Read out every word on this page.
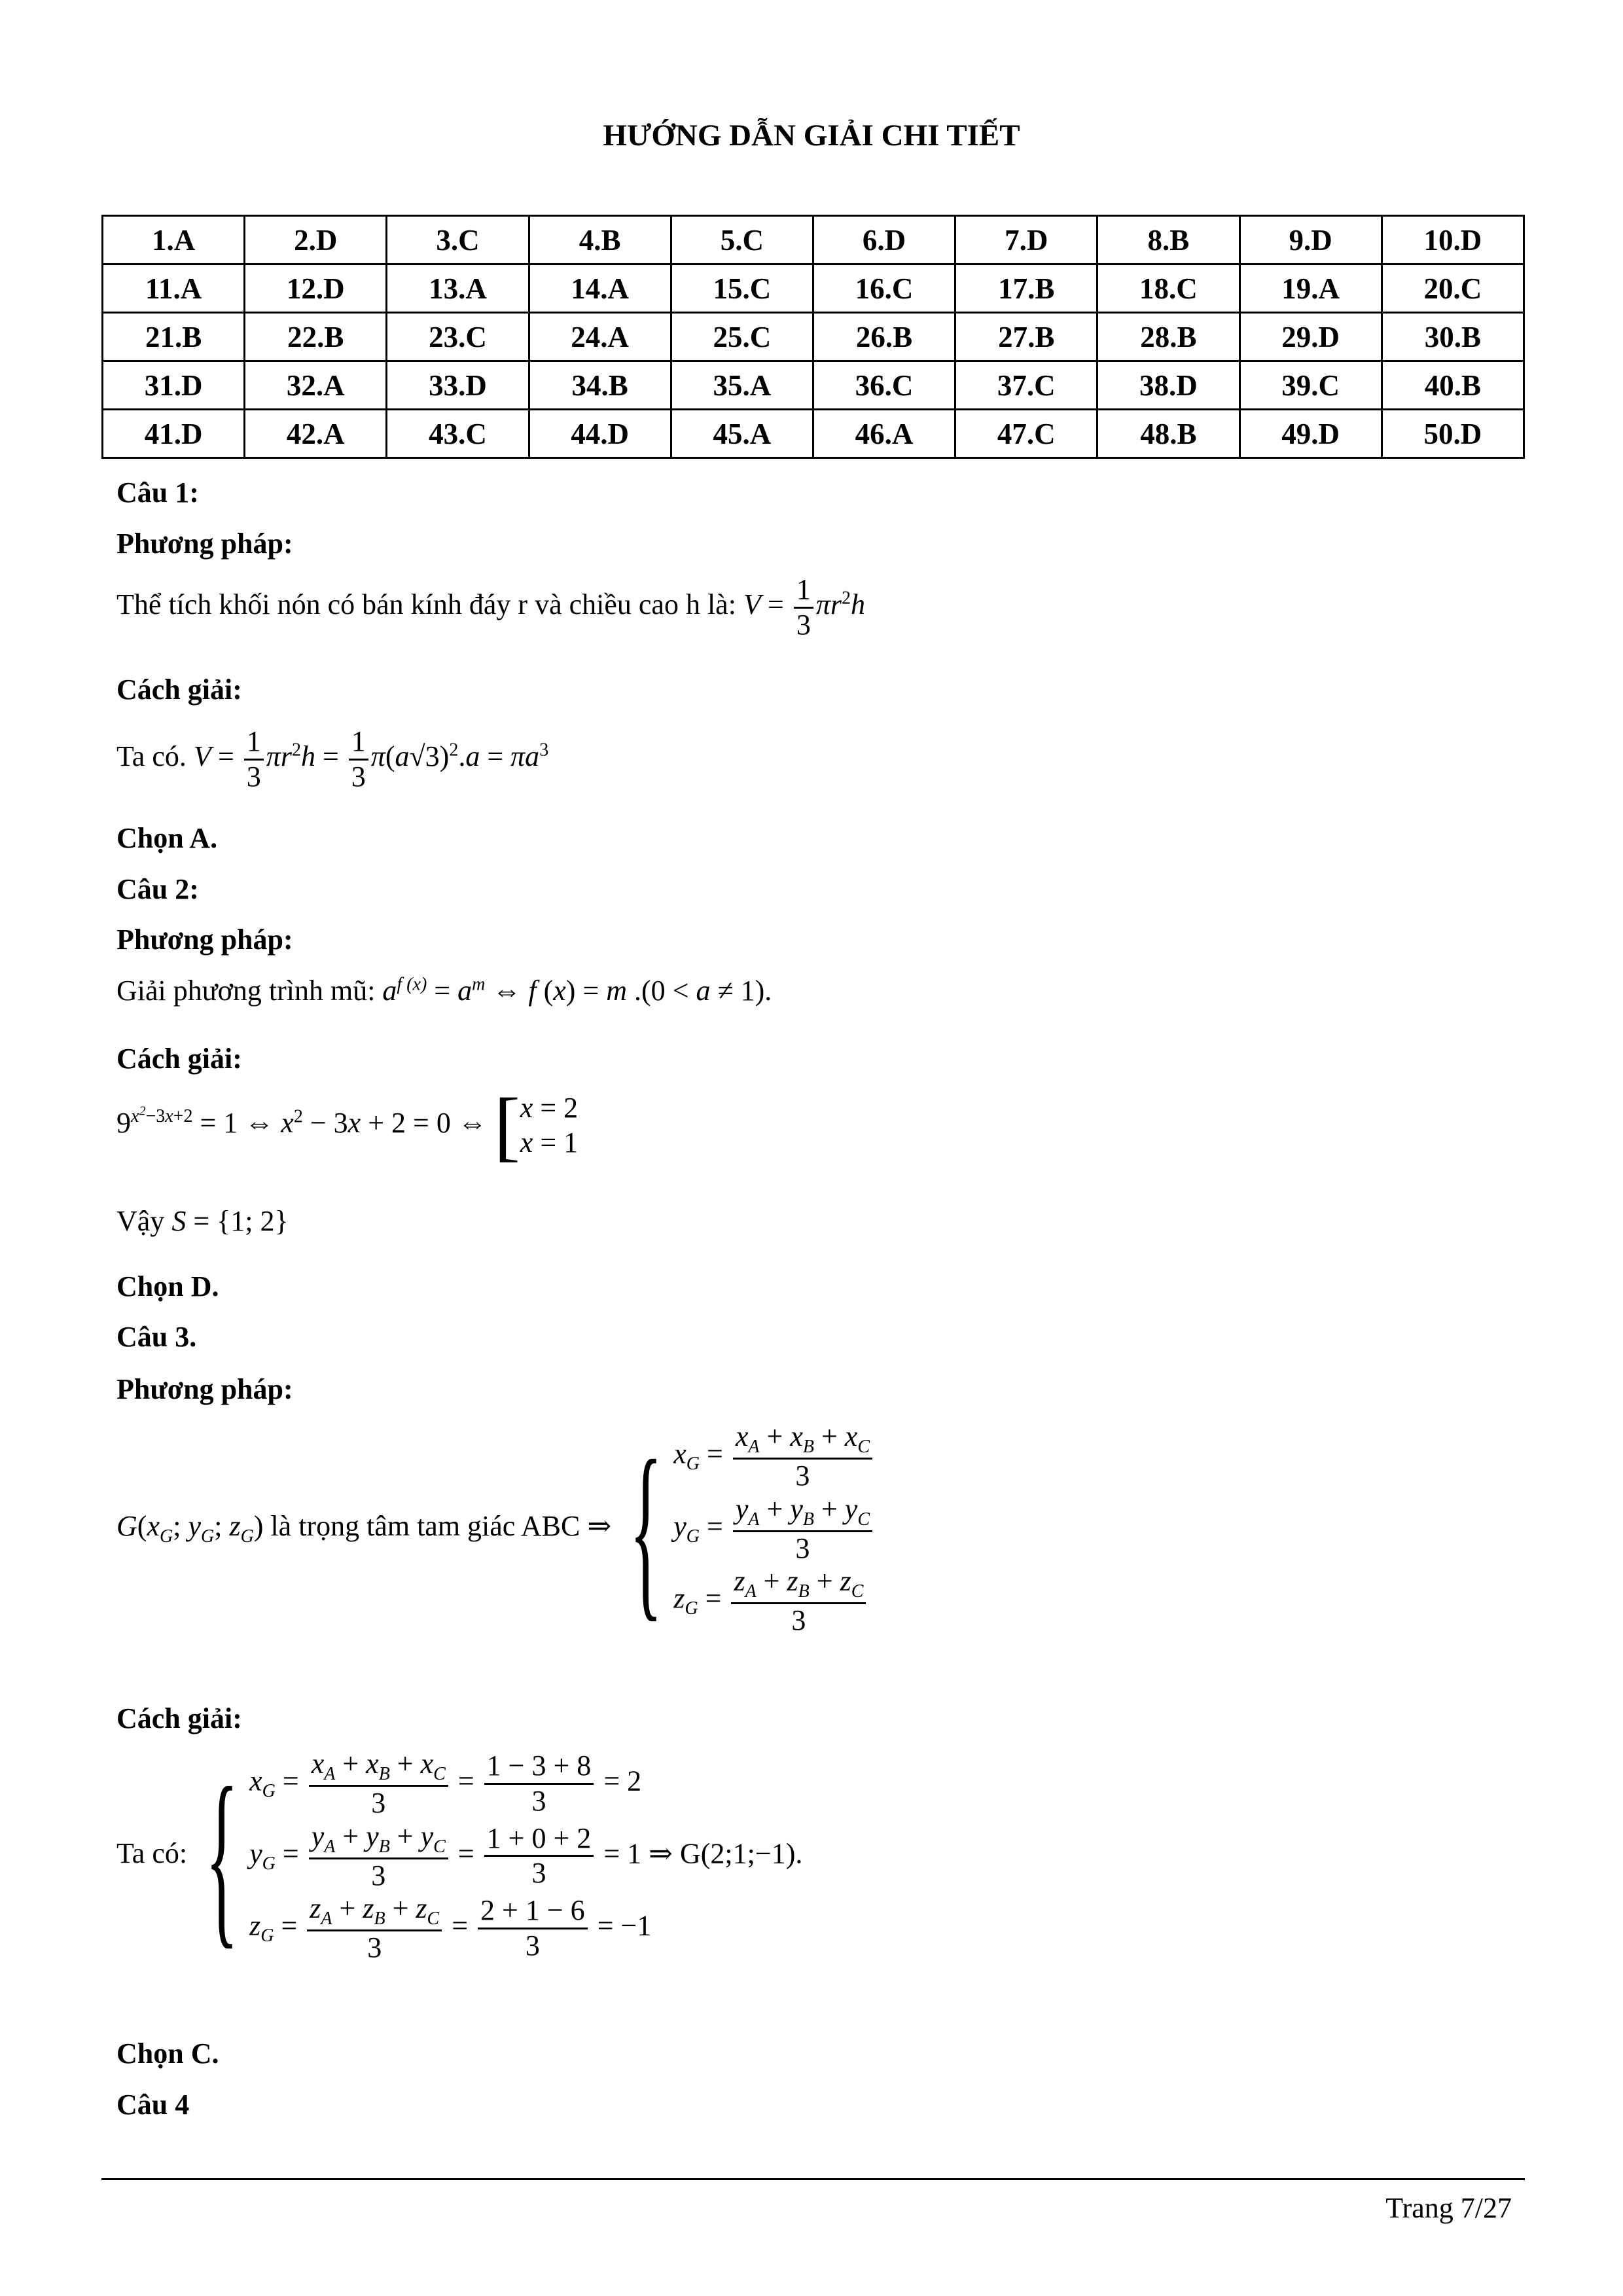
HƯỚNG DẪN GIẢI CHI TIẾT
1.A	2.D	3.C	4.B	5.C	6.D	7.D	8.B	9.D	10.D
11.A	12.D	13.A	14.A	15.C	16.C	17.B	18.C	19.A	20.C
21.B	22.B	23.C	24.A	25.C	26.B	27.B	28.B	29.D	30.B
31.D	32.A	33.D	34.B	35.A	36.C	37.C	38.D	39.C	40.B
41.D	42.A	43.C	44.D	45.A	46.A	47.C	48.B	49.D	50.D
Câu 1:
Phương pháp:
Thể tích khối nón có bán kính đáy r và chiều cao h là: $V = \frac{1}{3} \pi r^2h$
Cách giải:
Ta có. $V = \frac{1}{3} \pi r^2h = \frac{1}{3} \pi(a√3)^2.a = \pi a^3$
Chọn A.
Câu 2:
Phương pháp:
Giải phương trình mũ: $a^{f (x)} = a^m$ ⇔ f (x) = m .(0 < a ≠ 1).
Cách giải:
$9^{x^2-3x+2} = 1$ ⇔ $x^2 - 3x + 2 = 0$ ⇔ [ x = 2
x = 1
Vậy S = {1; 2}
Chọn D.
Câu 3.
Phương pháp:
$G(x_G$; $y_G$; $z_G$) là trọng tâm tam giác ABC ⇒ { $x_G = \frac{x_A + x_B + x_C}{3}$
$y_G = \frac{y_A + y_B + y_C}{3}$
$z_G = \frac{z_A + z_B + z_C}{3}$
Cách giải:
Ta có: { $x_G = \frac{x_A + x_B + x_C}{3} = \frac{1 - 3 + 8}{3} = 2$
$y_G = \frac{y_A + y_B + y_C}{3} = \frac{1 + 0 + 2}{3} = 1$ ⇒ G(2;1;−1).
$z_G = \frac{z_A + z_B + z_C}{3} = \frac{2 + 1 - 6}{3} = -1$
Chọn C.
Câu 4
Trang 7/27
